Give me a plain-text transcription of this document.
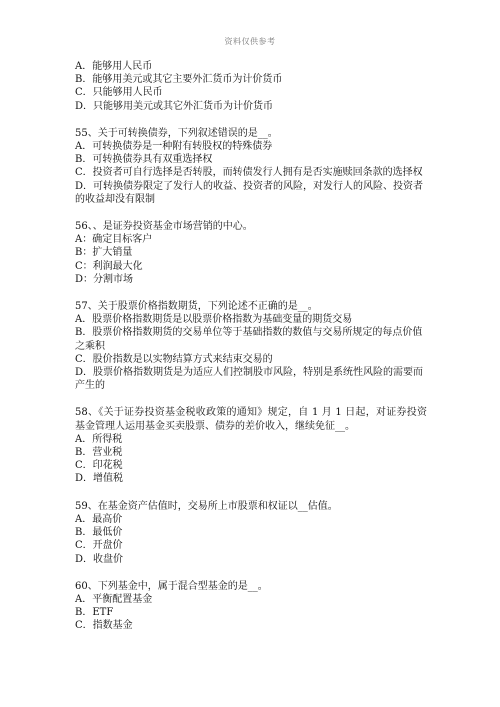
资料仅供参考
A．能够用人民币
B．能够用美元或其它主要外汇货币为计价货币
C．只能够用人民币
D．只能够用美元或其它外汇货币为计价货币
55、关于可转换债券，下列叙述错误的是__。
A．可转换债券是一种附有转股权的特殊债券
B．可转换债券具有双重选择权
C．投资者可自行选择是否转股，而转债发行人拥有是否实施赎回条款的选择权
D．可转换债券限定了发行人的收益、投资者的风险，对发行人的风险、投资者的收益却没有限制
56、、是证券投资基金市场营销的中心。
A：确定目标客户
B：扩大销量
C：利润最大化
D：分割市场
57、关于股票价格指数期货，下列论述不正确的是__。
A．股票价格指数期货是以股票价格指数为基础变量的期货交易
B．股票价格指数期货的交易单位等于基础指数的数值与交易所规定的每点价值之乘积
C．股价指数是以实物结算方式来结束交易的
D．股票价格指数期货是为适应人们控制股市风险，特别是系统性风险的需要而产生的
58、《关于证券投资基金税收政策的通知》规定，自 1 月 1 日起，对证券投资基金管理人运用基金买卖股票、债券的差价收入，继续免征__。
A．所得税
B．营业税
C．印花税
D．增值税
59、在基金资产估值时，交易所上市股票和权证以__估值。
A．最高价
B．最低价
C．开盘价
D．收盘价
60、下列基金中，属于混合型基金的是__。
A．平衡配置基金
B．ETF
C．指数基金
